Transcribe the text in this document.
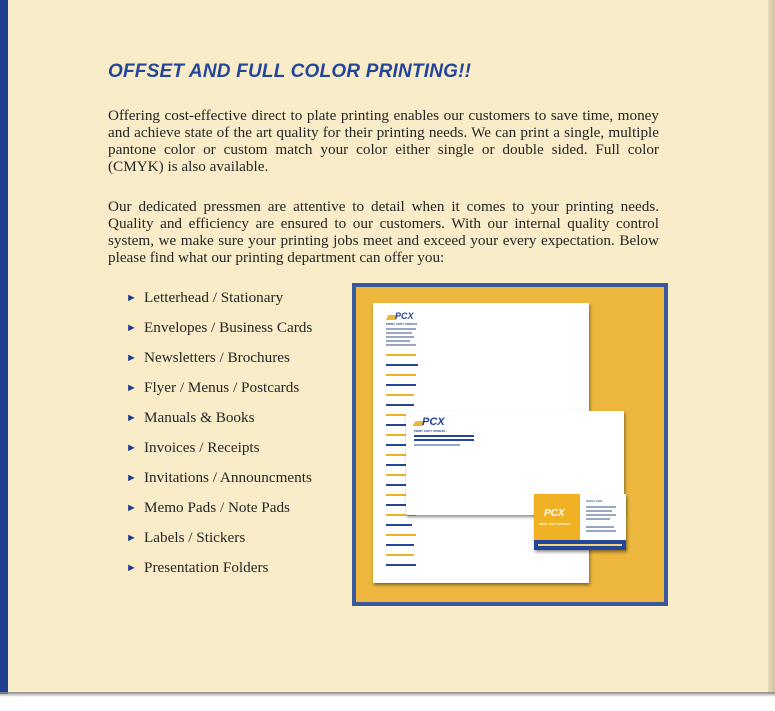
OFFSET AND FULL COLOR PRINTING!!

Offering cost-effective direct to plate printing enables our customers to save time, money and achieve state of the art quality for their printing needs. We can print a single, multiple pantone color or custom match your color either single or double sided. Full color (CMYK) is also available.

Our dedicated pressmen are attentive to detail when it comes to your printing needs. Quality and efficiency are ensured to our customers. With our internal quality control system, we make sure your printing jobs meet and exceed your every expectation. Below please find what our printing department can offer you:

► Letterhead / Stationary
► Envelopes / Business Cards
► Newsletters / Brochures
► Flyer / Menus / Postcards
► Manuals & Books
► Invoices / Receipts
► Invitations / Announcments
► Memo Pads / Note Pads
► Labels / Stickers
► Presentation Folders
PCX
PRINT COPY XPRESS
PCX
PRINT COPY XPRESS
PCX
PRINT COPY XPRESS
Arthur Zoto
